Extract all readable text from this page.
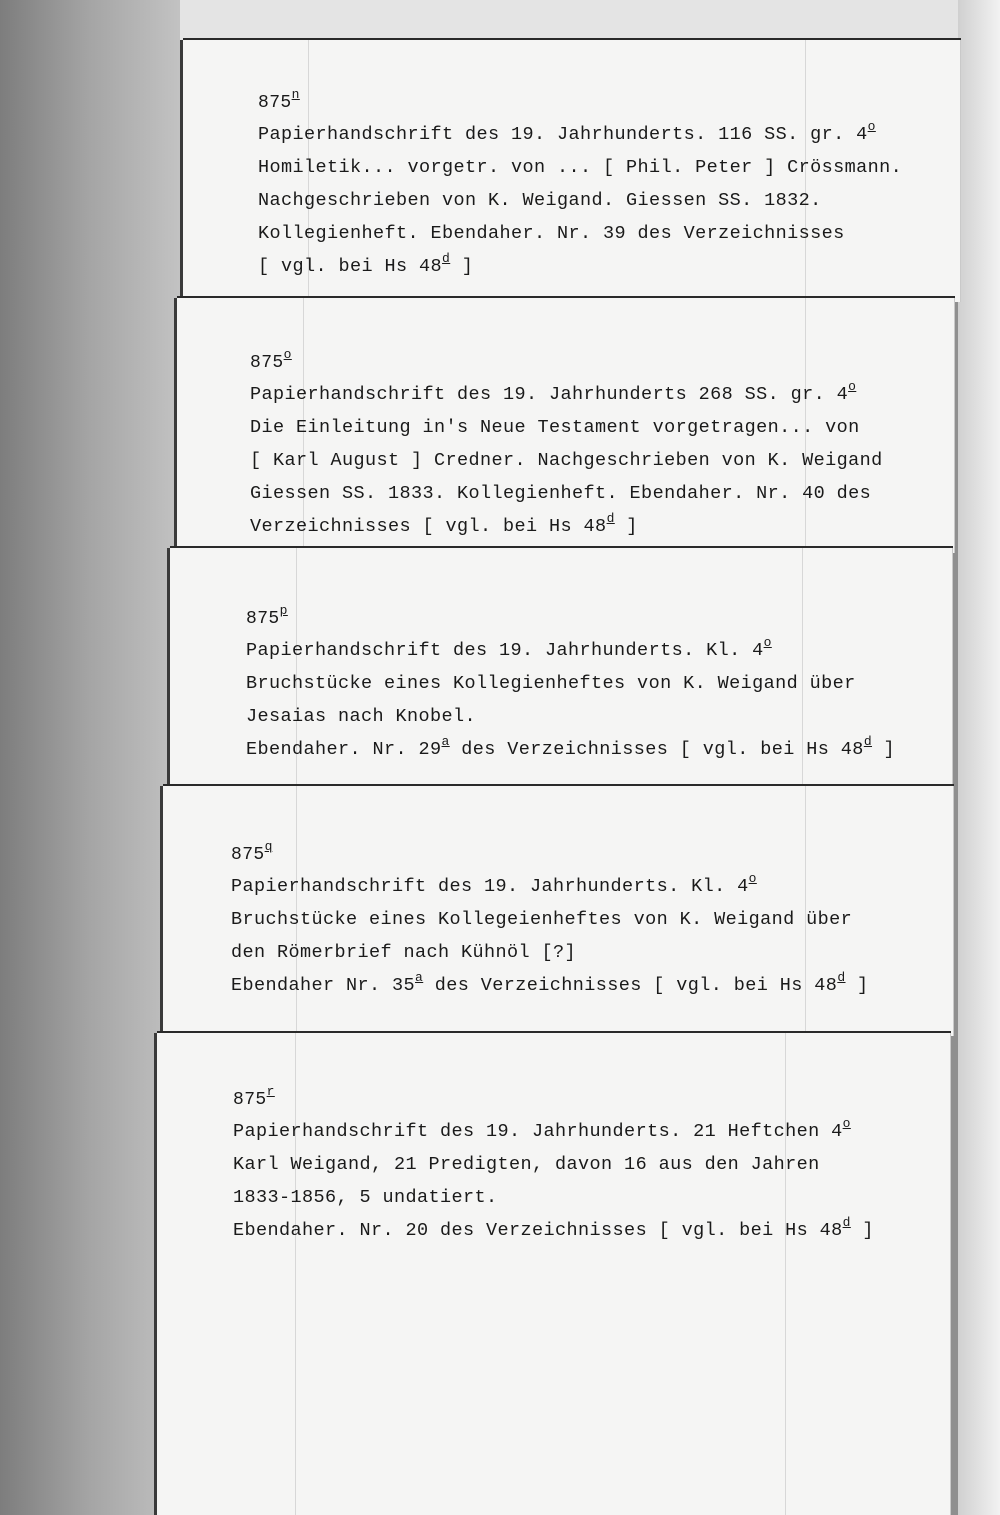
875$^n$
Papierhandschrift des 19. Jahrhunderts. 116 SS. gr. 4$^o$
Homiletik... vorgetr. von ... [ Phil. Peter ] Crössmann.
Nachgeschrieben von K. Weigand. Giessen SS. 1832.
Kollegienheft. Ebendaher. Nr. 39 des Verzeichnisses
[ vgl. bei Hs 48$^d$ ]
875$^o$
Papierhandschrift des 19. Jahrhunderts 268 SS. gr. 4$^o$
Die Einleitung in's Neue Testament vorgetragen... von
[ Karl August ] Credner. Nachgeschrieben von K. Weigand
Giessen SS. 1833. Kollegienheft. Ebendaher. Nr. 40 des
Verzeichnisses [ vgl. bei Hs 48$^d$ ]
875$^p$
Papierhandschrift des 19. Jahrhunderts. Kl. 4$^o$
Bruchstücke eines Kollegienheftes von K. Weigand über
Jesaias nach Knobel.
Ebendaher. Nr. 29$^a$ des Verzeichnisses [ vgl. bei Hs 48$^d$ ]
875$^q$
Papierhandschrift des 19. Jahrhunderts. Kl. 4$^o$
Bruchstücke eines Kollegeienheftes von K. Weigand über
den Römerbrief nach Kühnöl [?]
Ebendaher Nr. 35$^a$ des Verzeichnisses [ vgl. bei Hs 48$^d$ ]
875$^r$
Papierhandschrift des 19. Jahrhunderts. 21 Heftchen 4$^o$
Karl Weigand, 21 Predigten, davon 16 aus den Jahren
1833-1856, 5 undatiert.
Ebendaher. Nr. 20 des Verzeichnisses [ vgl. bei Hs 48$^d$ ]
